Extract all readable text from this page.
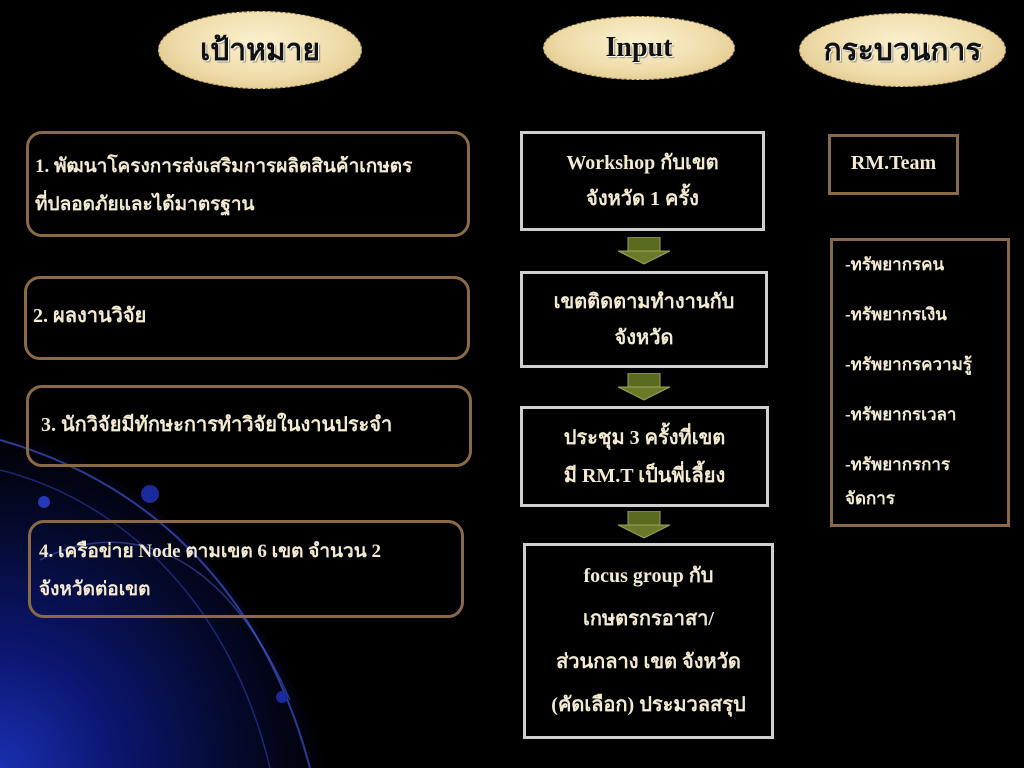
เป้าหมาย	Input	กระบวนการ
1. พัฒนาโครงการส่งเสริมการผลิตสินค้าเกษตร
ที่ปลอดภัยและได้มาตรฐาน
2. ผลงานวิจัย
3. นักวิจัยมีทักษะการทำวิจัยในงานประจำ
4. เครือข่าย Node ตามเขต 6 เขต จำนวน 2
จังหวัดต่อเขต
Workshop กับเขต
จังหวัด 1 ครั้ง
เขตติดตามทำงานกับ
จังหวัด
ประชุม 3 ครั้งที่เขต
มี RM.T เป็นพี่เลี้ยง
focus group กับ
เกษตรกรอาสา/
ส่วนกลาง เขต จังหวัด
(คัดเลือก) ประมวลสรุป
RM.Team
-ทรัพยากรคน
-ทรัพยากรเงิน
-ทรัพยากรความรู้
-ทรัพยากรเวลา
-ทรัพยากรการ
จัดการ
